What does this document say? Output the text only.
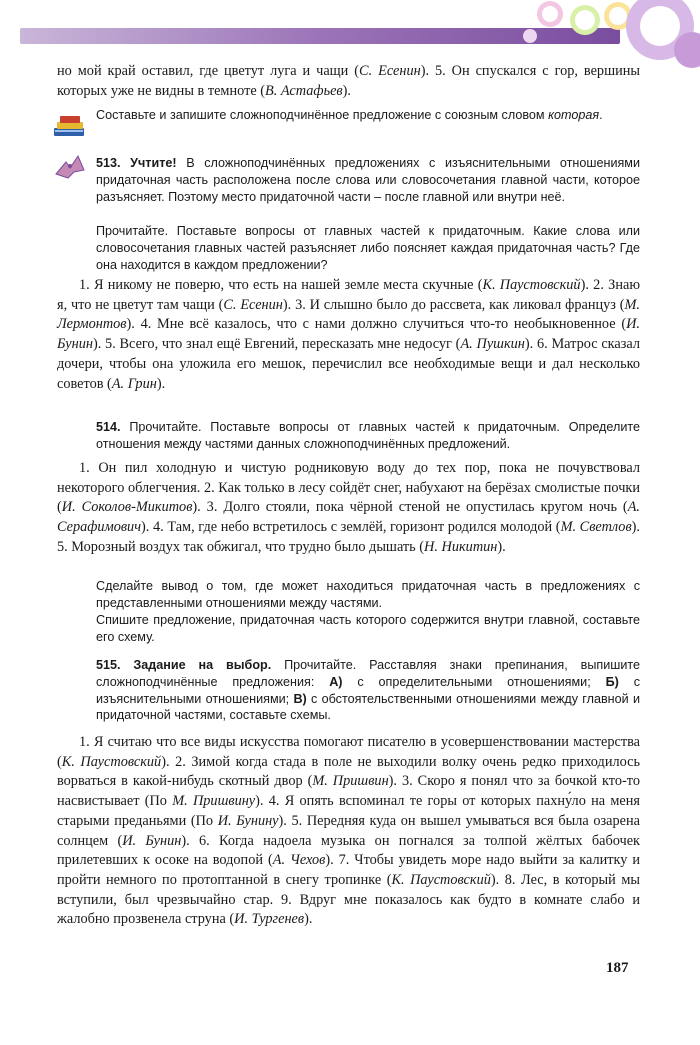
но мой край оставил, где цветут луга и чащи (С. Есенин). 5. Он спускался с гор, вершины которых уже не видны в темноте (В. Астафьев).

Составьте и запишите сложноподчинённое предложение с союзным словом которая.

513. Учтите! В сложноподчинённых предложениях с изъяснительными отношениями придаточная часть расположена после слова или словосочетания главной части, которое разъясняет. Поэтому место придаточной части – после главной или внутри неё.

Прочитайте. Поставьте вопросы от главных частей к придаточным. Какие слова или словосочетания главных частей разъясняет либо поясняет каждая придаточная часть? Где она находится в каждом предложении?

1. Я никому не поверю, что есть на нашей земле места скучные (К. Паустовский). 2. Знаю я, что не цветут там чащи (С. Есенин). 3. И слышно было до рассвета, как ликовал француз (М. Лермонтов). 4. Мне всё казалось, что с нами должно случиться что-то необыкновенное (И. Бунин). 5. Всего, что знал ещё Евгений, пересказать мне недосуг (А. Пушкин). 6. Матрос сказал дочери, чтобы она уложила его мешок, перечислил все необходимые вещи и дал несколько советов (А. Грин).

514. Прочитайте. Поставьте вопросы от главных частей к придаточным. Определите отношения между частями данных сложноподчинённых предложений.

1. Он пил холодную и чистую родниковую воду до тех пор, пока не почувствовал некоторого облегчения. 2. Как только в лесу сойдёт снег, набухают на берёзах смолистые почки (И. Соколов-Микитов). 3. Долго стояли, пока чёрной стеной не опустилась кругом ночь (А. Серафимович). 4. Там, где небо встретилось с землёй, горизонт родился молодой (М. Светлов). 5. Морозный воздух так обжигал, что трудно было дышать (Н. Никитин).

Сделайте вывод о том, где может находиться придаточная часть в предложениях с представленными отношениями между частями.

Спишите предложение, придаточная часть которого содержится внутри главной, составьте его схему.

515. Задание на выбор. Прочитайте. Расставляя знаки препинания, выпишите сложноподчинённые предложения: А) с определительными отношениями; Б) с изъяснительными отношениями; В) с обстоятельственными отношениями между главной и придаточной частями, составьте схемы.

1. Я считаю что все виды искусства помогают писателю в усовершенствовании мастерства (К. Паустовский). 2. Зимой когда стада в поле не выходили волку очень редко приходилось ворваться в какой-нибудь скотный двор (М. Пришвин). 3. Скоро я понял что за бочкой кто-то насвистывает (По М. Пришвину). 4. Я опять вспоминал те горы от которых пахну́ло на меня старыми преданьями (По И. Бунину). 5. Передняя куда он вышел умываться вся была озарена солнцем (И. Бунин). 6. Когда надоела музыка он погнался за толпой жёлтых бабочек прилетевших к осоке на водопой (А. Чехов). 7. Чтобы увидеть море надо выйти за калитку и пройти немного по протоптанной в снегу тропинке (К. Паустовский). 8. Лес, в который мы вступили, был чрезвычайно стар. 9. Вдруг мне показалось как будто в комнате слабо и жалобно прозвенела струна (И. Тургенев).

187
